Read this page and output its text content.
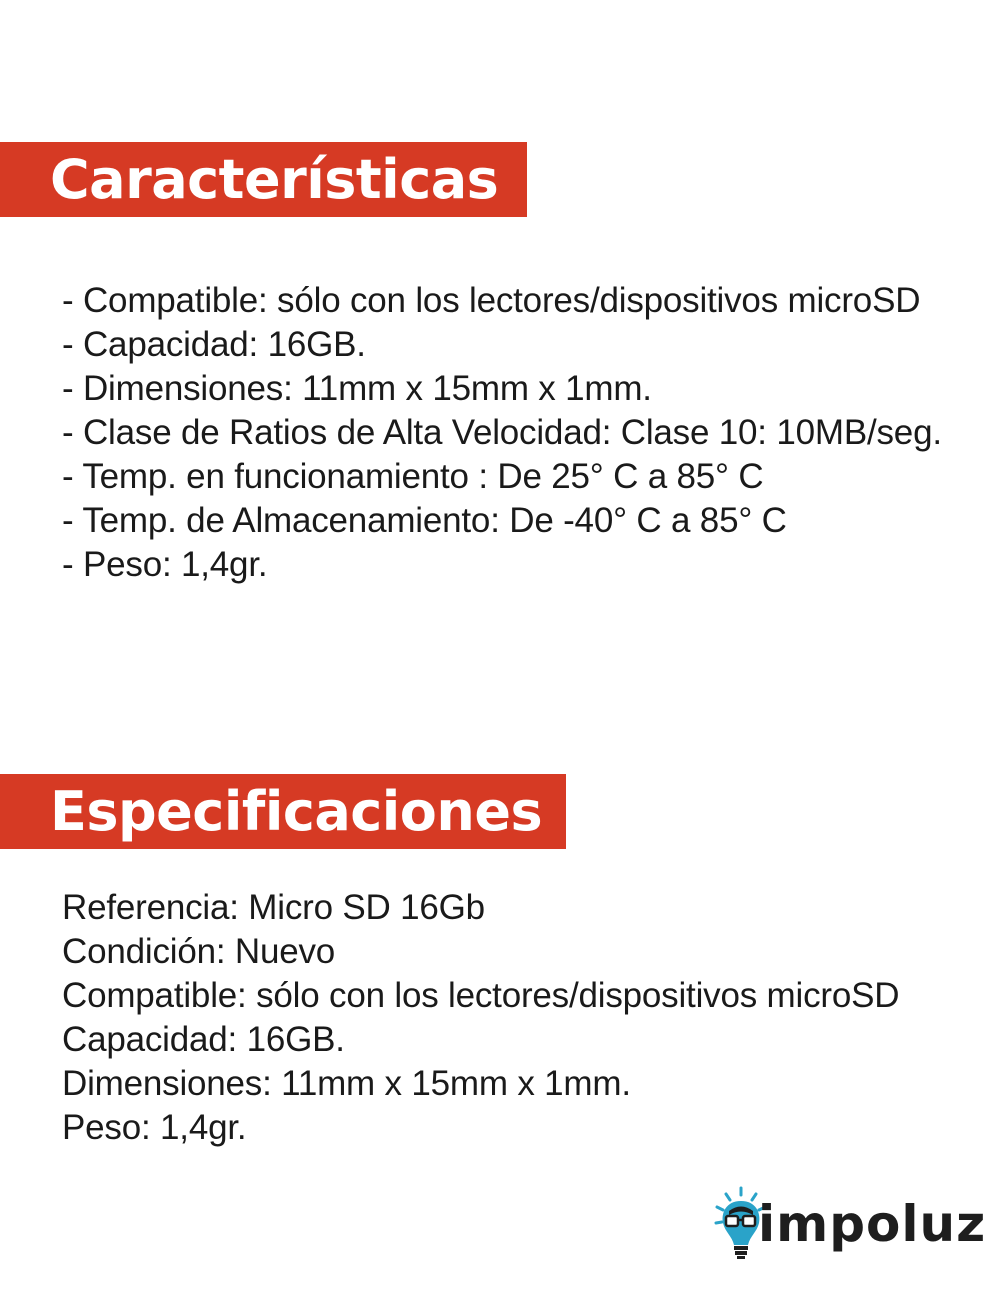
Características
- Compatible: sólo con los lectores/dispositivos microSD
- Capacidad: 16GB.
- Dimensiones: 11mm x 15mm x 1mm.
- Clase de Ratios de Alta Velocidad: Clase 10: 10MB/seg.
- Temp. en funcionamiento : De 25° C a 85° C
- Temp. de Almacenamiento: De -40° C a 85° C
- Peso: 1,4gr.
Especificaciones
Referencia: Micro SD 16Gb
Condición: Nuevo
Compatible: sólo con los lectores/dispositivos microSD
Capacidad: 16GB.
Dimensiones: 11mm x 15mm x 1mm.
Peso: 1,4gr.
impoluz
